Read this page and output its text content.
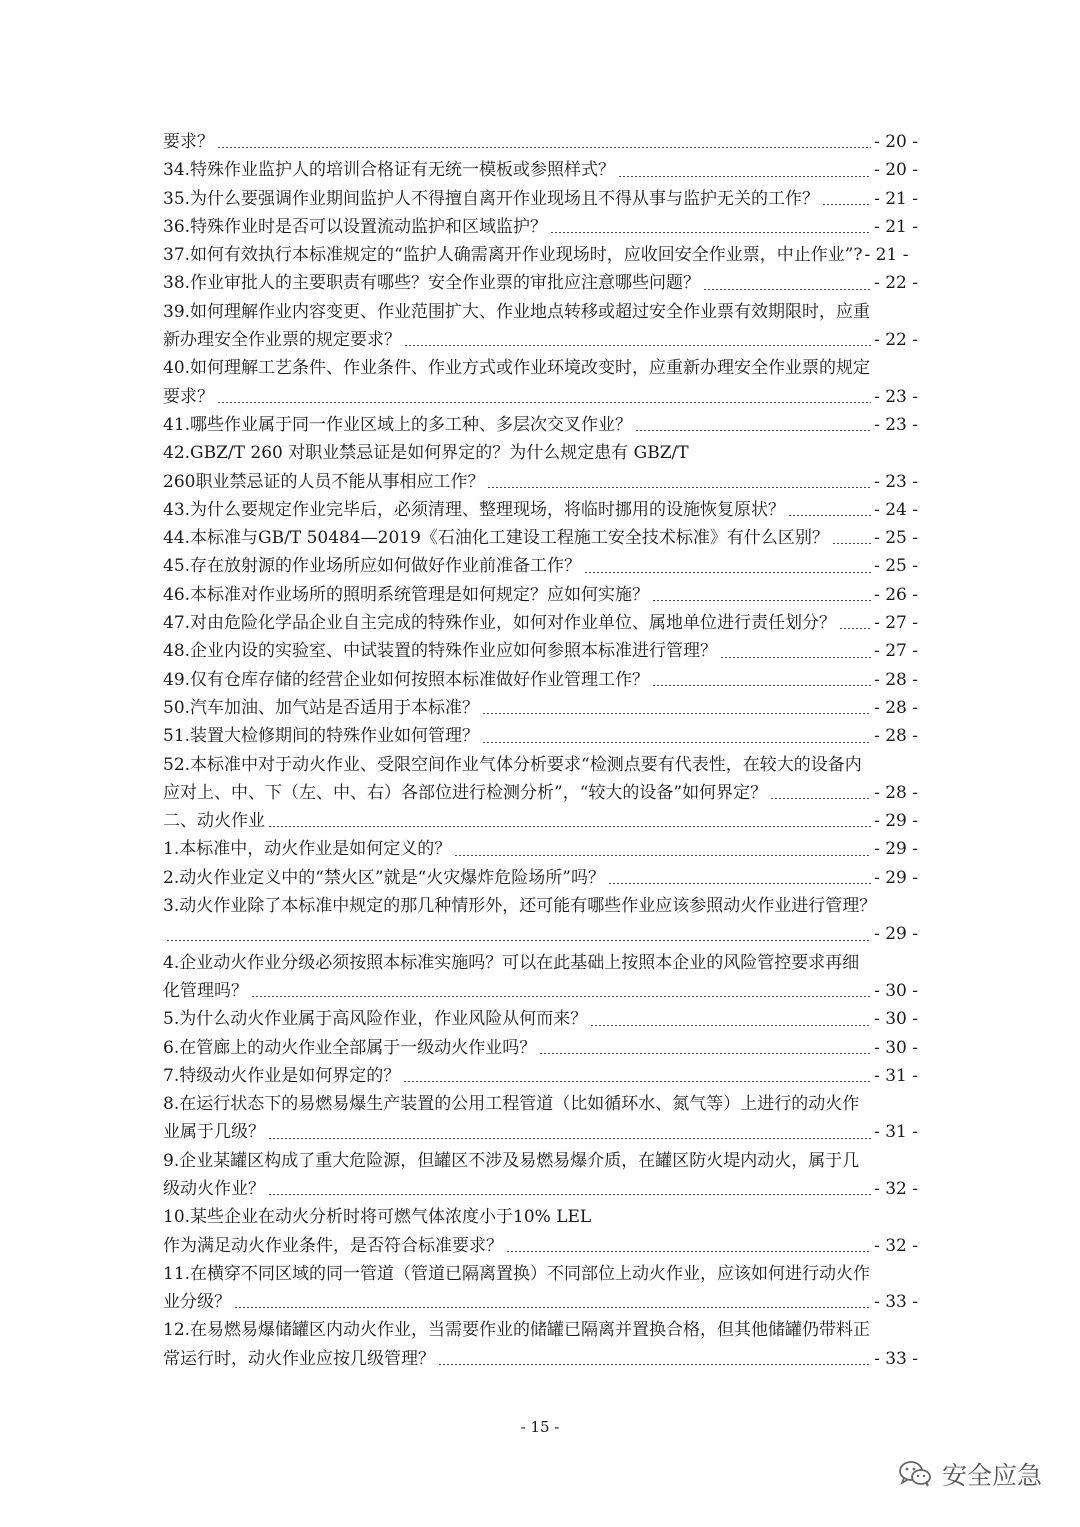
要求？	- 20 -
34.特殊作业监护人的培训合格证有无统一模板或参照样式？	- 20 -
35.为什么要强调作业期间监护人不得擅自离开作业现场且不得从事与监护无关的工作？	- 21 -
36.特殊作业时是否可以设置流动监护和区域监护？	- 21 -
37.如何有效执行本标准规定的“监护人确需离开作业现场时，应收回安全作业票，中止作业”? - 21 -
38.作业审批人的主要职责有哪些？安全作业票的审批应注意哪些问题？	- 22 -
39.如何理解作业内容变更、作业范围扩大、作业地点转移或超过安全作业票有效期限时，应重
新办理安全作业票的规定要求？	- 22 -
40.如何理解工艺条件、作业条件、作业方式或作业环境改变时，应重新办理安全作业票的规定
要求？	- 23 -
41.哪些作业属于同一作业区域上的多工种、多层次交叉作业？	- 23 -
42.GBZ/T 260 对职业禁忌证是如何界定的？为什么规定患有 GBZ/T
260职业禁忌证的人员不能从事相应工作？	- 23 -
43.为什么要规定作业完毕后，必须清理、整理现场，将临时挪用的设施恢复原状？	- 24 -
44.本标准与GB/T 50484—2019《石油化工建设工程施工安全技术标准》有什么区别？	- 25 -
45.存在放射源的作业场所应如何做好作业前准备工作？	- 25 -
46.本标准对作业场所的照明系统管理是如何规定？应如何实施？	- 26 -
47.对由危险化学品企业自主完成的特殊作业，如何对作业单位、属地单位进行责任划分？ - 27 -
48.企业内设的实验室、中试装置的特殊作业应如何参照本标准进行管理？	- 27 -
49.仅有仓库存储的经营企业如何按照本标准做好作业管理工作？	- 28 -
50.汽车加油、加气站是否适用于本标准？	- 28 -
51.装置大检修期间的特殊作业如何管理？	- 28 -
52.本标准中对于动火作业、受限空间作业气体分析要求“检测点要有代表性，在较大的设备内
应对上、中、下（左、中、右）各部位进行检测分析”，“较大的设备”如何界定？	- 28 -
二、动火作业	- 29 -
1.本标准中，动火作业是如何定义的？	- 29 -
2.动火作业定义中的“禁火区”就是“火灾爆炸危险场所”吗？	- 29 -
3.动火作业除了本标准中规定的那几种情形外，还可能有哪些作业应该参照动火作业进行管理？
- 29 -
4.企业动火作业分级必须按照本标准实施吗？可以在此基础上按照本企业的风险管控要求再细
化管理吗？	- 30 -
5.为什么动火作业属于高风险作业，作业风险从何而来？	- 30 -
6.在管廊上的动火作业全部属于一级动火作业吗？	- 30 -
7.特级动火作业是如何界定的？	- 31 -
8.在运行状态下的易燃易爆生产装置的公用工程管道（比如循环水、氮气等）上进行的动火作
业属于几级？	- 31 -
9.企业某罐区构成了重大危险源，但罐区不涉及易燃易爆介质，在罐区防火堤内动火，属于几
级动火作业？	- 32 -
10.某些企业在动火分析时将可燃气体浓度小于10% LEL
作为满足动火作业条件，是否符合标准要求？	- 32 -
11.在横穿不同区域的同一管道（管道已隔离置换）不同部位上动火作业，应该如何进行动火作
业分级？	- 33 -
12.在易燃易爆储罐区内动火作业，当需要作业的储罐已隔离并置换合格，但其他储罐仍带料正
常运行时，动火作业应按几级管理？	- 33 -
- 15 -
安全应急
